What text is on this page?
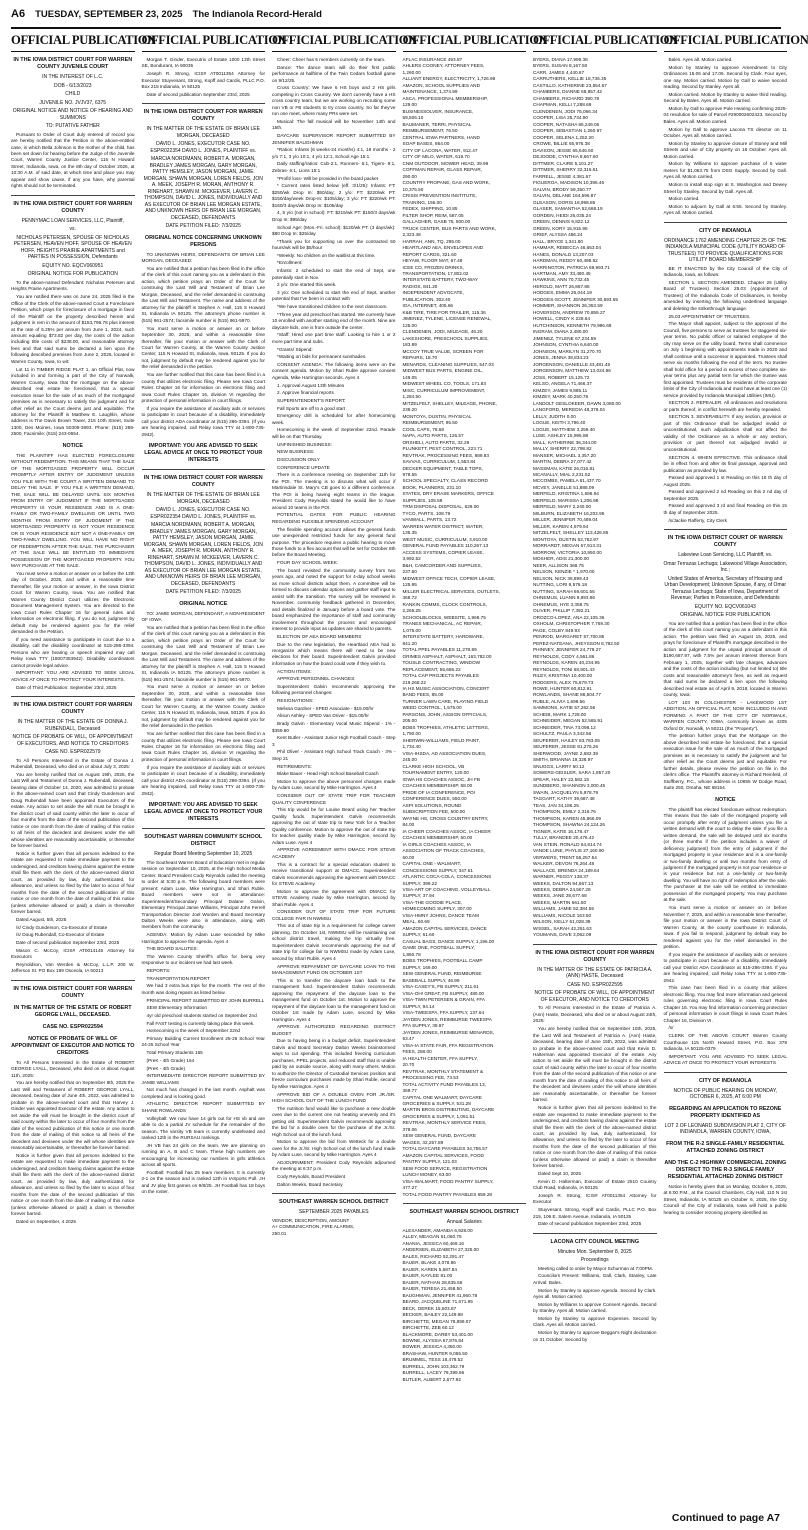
A6 TUESDAY, SEPTEMBER 23, 2025 The Indianola Record-Herald
OFFICIAL PUBLICATION
IN THE IOWA DISTRICT COURT FOR WARREN COUNTY JUVENILE COURT
IN THE INTEREST OF L.C.
DOB - 6/13/2023
CHILD
JUVENILE NO. JVJV37, 6375
ORIGINAL NOTICE AND NOTICE OF HEARING AND SUMMONS
TO: PUTATIVE FATHER
Pursuant to Order of Court duly entered of record you are hereby notified that the Petition in the above-entitled case, in which Bella Johnson is the mother of the child, has been set down for hearing before the Judge of the Juvenile Court, Warren County Justice Center, 115 N Howard Street, Indianola, Iowa, on the 8th day of October 2025, at 10:30 A.M. of said date, at which time and place you may appear and show cause, if any you have, why parental rights should not be terminated.
IN THE IOWA DISTRICT COURT FOR WARREN COUNTY
PENNYMAC LOAN SERVICES, LLC, Plaintiff,
vs.
NICHOLAS PETERSEN, SPOUSE OF NICHOLAS PETERSEN, HEAVEN HOFF, SPOUSE OF HEAVEN HOFF, HEIGHTS PRAIRIE APARTMENTS and PARTIES IN POSSESSION, Defendants
EQUITY NO. EQCV060951
ORIGINAL NOTICE FOR PUBLICATION
To the above-named Defendant: Nicholas Petersen and Heights Prairie Apartments.
You are notified there was on June 24, 2025 filed in the Office of the Clerk of the above-named Court a Foreclosure Petition, which prays for foreclosure of a mortgage in favor of the Plaintiff on the property described herein and judgment in rem in the amount of $153,796.78 plus interest at the rate of 5.25% per annum from June 1, 2024, such amount equaling $73.82 per day, the costs of the action including title costs of $238.00, and reasonable attorney fees and that said sums be declared a lien upon the following described premises from June 2, 2025, located in Warren County, Iowa, to wit:
Lot 11 in TIMBER RIDGE PLAT 1, an Official Plat, now included in and forming a part of the City of Norwalk, Warren County, Iowa that the mortgage on the above-described real estate be foreclosed, that a special execution issue for the sale of as much of the mortgaged premises as is necessary to satisfy the judgment and for other relief as the Court deems just and equitable. The attorney for the Plaintiff is Matthew E. Laughlin, whose address is The Davis Brown Tower, 215 10th Street, Suite 1300, Des Moines, Iowa 50309-3993. Phone: (515) 288-2500, Facsimile: (515) 243-0654.
NOTICE
THE PLAINTIFF HAS ELECTED FORECLOSURE WITHOUT REDEMPTION. THIS MEANS THAT THE SALE OF THE MORTGAGED PROPERTY WILL OCCUR PROMPTLY AFTER ENTRY OF JUDGMENT UNLESS YOU FILE WITH THE COURT A WRITTEN DEMAND TO DELAY THE SALE. IF YOU FILE A WRITTEN DEMAND, THE SALE WILL BE DELAYED UNTIL SIX MONTHS FROM ENTRY OF JUDGMENT IF THE MORTGAGED PROPERTY IS YOUR RESIDENCE AND IS A ONE-FAMILY OR TWO-FAMILY DWELLING OR UNTIL TWO MONTHS FROM ENTRY OF JUDGMENT IF THE MORTGAGED PROPERTY IS NOT YOUR RESIDENCE OR IS YOUR RESIDENCE BUT NOT A ONE-FAMILY OR TWO-FAMILY DWELLING. YOU WILL HAVE NO RIGHT OF REDEMPTION AFTER THE SALE. THE PURCHASER AT THE SALE WILL BE ENTITLED TO IMMEDIATE POSSESSION OF THE MORTGAGED PROPERTY. YOU MAY PURCHASE AT THE SALE.
You must serve a motion or answer on or before the 13th day of October, 2025, and within a reasonable time thereafter, file your motion or answer, in the Iowa District Court for Warren County, Iowa. You are notified that Warren County District Court utilizes the Electronic Document Management System. You are directed to the Iowa Court Rules Chapter 16 for general rules and information on electronic filing. If you do not, judgment by default may be rendered against you for the relief demanded in the Petition.
If you need assistance to participate in court due to a disability, call the disability coordinator at 515-286-3394. Persons who are hearing or speech impaired may call Relay Iowa TTY (18007353942). Disability coordinators cannot provide legal advice.
IMPORTANT: YOU ARE ADVISED TO SEEK LEGAL ADVICE AT ONCE TO PROTECT YOUR INTERESTS.
Date of Third Publication: September 23rd, 2025
IN THE IOWA DISTRICT COURT FOR WARREN COUNTY
IN THE MATTER OF THE ESTATE OF DONNA J. RUBENDALL, Deceased
NOTICE OF PROBATE OF WILL, OF APPOINTMENT OF EXECUTORS, AND NOTICE TO CREDITORS
CASE NO. ESPR022579
To All Persons Interested in the Estate of Donna J. Rubendall, Deceased, who died on or about July 3, 2025:
You are hereby notified that on August 19th, 2025, the Last Will and Testament of Donna J. Rubendall, deceased, bearing date of October 14, 2020, was admitted to probate in the above-named court and that Cindy Gunderson and Doug Rubendall have been appointed Executors of the estate. Any action to set aside the will must be brought in the district court of said county within the later to occur of four months from the date of the second publication of this notice or one month from the date of mailing of this notice to all heirs of the decedent and devisees under the will whose identities are reasonably ascertainable, or thereafter be forever barred.
Notice is further given that all persons indebted to the estate are requested to make immediate payment to the undersigned, and creditors having claims against the estate shall file them with the clerk of the above-named district court, as provided by law, duly authenticated, for allowance, and unless so filed by the later to occur of four months from the date of the second publication of this notice or one month from the date of mailing of this notice (unless otherwise allowed or paid) a claim is thereafter forever barred.
Dated August, 5th, 2025
/s/ Cindy Gunderson, Co-Executor of Estate
/s/ Doug Rubendall, Co-Executor of Estate
Date of second publication September 23rd, 2025
Mason C. McCoy, ICIS# AT0014145 Attorney for Executors
Reynoldson, Van Werden & McCoy, L.L.P. 200 W. Jefferson St. PO Box 199 Osceola, IA 50213
IN THE IOWA DISTRICT COURT FOR WARREN COUNTY
IN THE MATTER OF THE ESTATE OF ROBERT GEORGE LYALL, DECEASED.
CASE NO. ESPR022594
NOTICE OF PROBATE OF WILL OF APPOINTMENT OF EXECUTOR AND NOTICE TO CREDITORS
To All Persons Interested in the Estate of ROBERT GEORGE LYALL, Deceased, who died on or about August 11th, 2025:
You are hereby notified that on September 8th, 2025 the Last Will and Testament of ROBERT GEORGE LYALL, deceased, bearing date of June 4th, 2022, was admitted to probate in the above-named court and that Harvey J. Ginder was appointed Executor of the estate. Any action to set aside the will must be brought in the district court of said county within the later to occur of four months from the date of the second publication of this notice or one month from the date of mailing of this notice to all heirs of the decedent and devisees under the will whose identities are reasonably ascertainable, or thereafter be forever barred.
Notice is further given that all persons indebted to the estate are requested to make immediate payment to the undersigned, and creditors having claims against the estate shall file them with the clerk of the above-named district court, as provided by law, duly authenticated, for allowance, and unless so filed by the later to occur of four months from the date of the second publication of this notice or one month from the date of mailing of this notice (unless otherwise allowed or paid) a claim is thereafter forever barred.
Dated on September, 4 2025
OFFICIAL PUBLICATION
Morgan T. Ginder, Executrix of Estate 1000 13th Street SE, Bondurant, IA 50035
Joseph R. Strong, ICIS# AT0011354 Attorney for Executor Stuyvesant, Strong, Kopff and Cardis, PLLC P.O. Box 215 Indianola, IA 50125
Date of second publication September 23rd, 2025
IN THE IOWA DISTRICT COURT FOR WARREN COUNTY
IN THE MATTER OF THE ESTATE OF BRIAN LEE MORGAN, DECEASED
DAVID L. JONES, EXECUTOR CASE NO. ESPR022354 DAVID L. JONES, PLAINTIFF vs.
MARCIA NORDMANN, ROBERT A. MORGAN, BRADLEY JAMES MORGAN, GARY MORGAN, PATTY HEMSLEY, JASON MORGAN, JAMIE MORGAN, SHAWN MORGAN, LOREN FIELDS, JON A. MEEK, JOSEPH R. MORAN, ANTHONY R. RINEHART, SHAWN M. MCKEEVER, LAVERN C. THOMPSON, DAVID L. JONES, INDIVIDUALLY AND AS EXECUTOR OF BRIAN LEE MORGAN ESTATE, AND UNKNOWN HEIRS OF BRIAN LEE MORGAN, DECEASED, DEFENDANTS
DATE PETITION FILED: 7/3/2025
ORIGINAL NOTICE CONCERNING UNKNOWN PERSONS
TO UNKNOWN HEIRS, DEFENDANTS OF BRIAN LEE MORGAN, DECEASED:
You are notified that a petition has been filed in the office of the clerk of this court naming you as a defendant in this action, which petition prays an Order of the Court for construing the Last Will and Testament of Brian Lee Morgan, Deceased, and the relief demanded is construing the Last Will and Testament. The name and address of the attorney for the plaintiff is Stephen A. Hall, 115 S Howard St, Indianola IA 50125. The attorney's phone number is (515) 961-2574; facsimile number is (515) 961-5970.
You must serve a motion or answer on or before September 30, 2025, and within a reasonable time thereafter, file your motion or answer with the Clerk of Court for Warren County, at the Warren County Justice Center, 115 N Howard St, Indianola, Iowa, 50125. If you do not, judgment by default may be rendered against you for the relief demanded in the petition.
You are further notified that this case has been filed in a county that utilizes electronic filing. Please see Iowa Court Rules Chapter 16 for information on electronic filing and Iowa Court Rules Chapter 16, division VI regarding the protection of personal information in court filings.
If you require the assistance of auxiliary aids or services to participate in court because of a disability, immediately call your district ADA coordinator at (515) 286-3394. (If you are hearing impaired, call Relay Iowa TTY at 1-800-735-2942).
IMPORTANT: YOU ARE ADVISED TO SEEK LEGAL ADVICE AT ONCE TO PROTECT YOUR INTERESTS
IN THE IOWA DISTRICT COURT FOR WARREN COUNTY
IN THE MATTER OF THE ESTATE OF BRIAN LEE MORGAN, DECEASED
DAVID L. JONES, EXECUTOR CASE NO. ESPR022354 DAVID L. JONES, PLAINTIFF vs.
MARCIA NORDMANN, ROBERT A. MORGAN, BRADLEY JAMES MORGAN, GARY MORGAN, PATTY HEMSLEY, JASON MORGAN, JAMIE MORGAN, SHAWN MORGAN, LOREN FIELDS, JON A. MEEK, JOSEPH R. MORAN, ANTHONY R. RINEHART, SHAWN M. MCKEEVER, LAVERN C. THOMPSON, DAVID L. JONES, INDIVIDUALLY AND AS EXECUTOR OF BRIAN LEE MORGAN ESTATE, AND UNKNOWN HEIRS OF BRIAN LEE MORGAN, DECEASED, DEFENDANTS
DATE PETITION FILED: 7/3/2025
ORIGINAL NOTICE
TO: JAMIE MORGAN, DEFENDANT, A NON-RESIDENT OF IOWA
You are notified that a petition has been filed in the office of the clerk of this court naming you as a defendant in this action, which petition prays an Order of the Court for construing the Last Will and Testament of Brian Lee Morgan, Deceased, and the relief demanded is construing the Last Will and Testament. The name and address of the attorney for the plaintiff is Stephen A. Hall, 115 S Howard St, Indianola IA 50125. The attorney's phone number is (515) 961-2574; facsimile number is (515) 961-5970.
You must serve a motion or answer on or before September 30, 2025, and within a reasonable time thereafter, file your motion or answer with the Clerk of Court for Warren County, at the Warren County Justice Center, 115 N Howard St, Indianola, Iowa, 50125. If you do not, judgment by default may be rendered against you for the relief demanded in the petition.
You are further notified that this case has been filed in a county that utilizes electronic filing. Please see Iowa Court Rules Chapter 16 for information on electronic filing and Iowa Court Rules Chapter 16, division VI regarding the protection of personal information in court filings.
If you require the assistance of auxiliary aids or services to participate in court because of a disability, immediately call your district ADA coordinator at (515) 286-3394. (If you are hearing impaired, call Relay Iowa TTY at 1-800-735-2942).
IMPORTANT: YOU ARE ADVISED TO SEEK LEGAL ADVICE AT ONCE TO PROTECT YOUR INTERESTS
SOUTHEAST WARREN COMMUNITY SCHOOL DISTRICT
Regular Board Meeting September 10, 2025
The Southeast Warren Board of Education met in regular session on September 10, 2025, at the High School Media Center. Board President Cody Reynolds called the meeting to order at 5:30 p.m. The following board members were present: Adam Luse, Mike Harrington, and Shari Ruble. Board members were not in attendance: Superintendent/Secondary Principal Dalane Galvin, Elementary Principal Jamie Williams, Principal John Ferrell Transportation Director Joel Worden and Board Secretary Dalton Weeks were also in attendance, along with members from the community.
AGENDA: Motion by Adam Luse seconded by Mike Harrington to approve the agenda. Ayes 4
THE BOARD SALUTES:
The Warren County Sheriff's office for being very responsive to our incident we had last week.
REPORTS:
TRANSPORTATION REPORT
We had 3 extra bus trips for the month. The rest of the month was doing repairs as listed below.
PRINCIPAL REPORT SUBMITTED BY JOHN BURRELL
SEW Elementary Information
4yr old preschool students started on September 2nd
Fall FAST testing is currently taking place this week.
Homecoming is the week of September 22nd
Primary Building Current Enrollment 25-26 School Year 24-25 School Year
Total Primary Students 165
(PreK - 4th Grade) 164
(PreK - 4th Grade)
INTERMEDIATE DIRECTOR REPORT SUBMITTED BY JAMIE WILLIAMS
Not much has changed in the last month. Asphalt was completed and is looking good.
ATHLETIC DIRECTOR REPORT SUBMITTED BY SHANE ROWLANDS
Volleyball: We now have 14 girls out for HS vb and are able to do a partial JV schedule for the remainder of the season. The varsity VB team is currently undefeated and ranked 12th in the RURSAU rankings.
JH VB has 24 girls on the team. We are planning on running an A, B and C team. These high numbers are encouraging for increasing our numbers in girls athletics across all sports.
Football: Football has 25 team members. It is currently 2-1 on the season and is ranked 12th in IASports Poll. JH and JV play first games on 9/8/25. JH Football has 18 boys on the roster.
OFFICIAL PUBLICATION
Cheer: Cheer has 5 members currently on the team.
Dance: The dance team will do their first public performance at halftime of the Twin Cedars football game on 9/12/25.
Cross Country: We have 6 HS boys and 2 HS girls competing in Cross Country. We don't currently have a HS cross country team, but we are working on recruiting some non VB or FB students to try cross country. So far they've run one meet, where many PRs were set.
Musical: The fall musical will be November 14th and 15th.
DAYCARE SUPERVISOR REPORT SUBMITTED BY JENNIFER BAUGHMAN
*Ratios: Infants (6 weeks-24 months) 4:1, 18 months - 2 y/o 7:1, 3 y/o 10:1, 4 y/o 12:1, School Age 15:1
Daily staffing/ratios: Cub-2:1, Runners- 6:1, Tigers- 9:1, Zebras- 6:1, Lions 15:1
*Profit/ loss- Will be provided in the board packet
* Current rates listed below (eff. 3/1/25): Infants: FT: $250/wk Drop In: $50/day; 2 y/o: FT: $220/wk PT: $150/day/week Drop-In: $105/day; 3 y/o: FT: $220/wk PT: $160/3 days/wk Drop In: $105/day
4, 5 y/o (not in school): FT: $215/wk PT: $150/3 days/wk Drop In: $95/day
School Age: (Mon.-Fri. school): $120/wk PT: (3 days/wk): $80 Drop In: $25/day
*Thank you for supporting us over the contracted 50 hours/wk will be $5/hour
*Weekly: No children on the waitlist at this time.
*Enrollment:
Infants: 2 scheduled to start the end of Sept, one potentially start in Nov.
2 y/o: One started this week.
3 y/o: One scheduled to start the end of Sept, another potential that I've been in contact with
*We have transitioned children to the next classroom.
*Three year old preschool has started. We currently have 10 enrolled with another starting end of the month. Nine are daycare kids, one is from outside the center.
*Staff: Hired one part time staff. Looking to hire 1 or 2 more part time and subs.
*Grants/ Stipend:
*Waiting on bids for permanent sunshades.
CONSENT AGENDA: The following items were on the consent agenda. Motion by Shari Ruble approve consent Agenda, Mike Harrington seconds. Ayes 4
1. Approval August 13th Minutes
2. Approve financial reports
SUPERINTENDENT'S REPORT:
Fall Sports are off to a good start
Emergency drill is scheduled for after homecoming week.
Homecoming is the week of September 22nd. Parade will be on that Thursday.
UNFINISHED BUSINESS:
NEW BUSINESS:
DISCUSSION ONLY
CONFERENCE UPDATE
There is a conference meeting on September 11th for the POI. The meeting is to discuss what will occur if Martinsdale St. Mary's CB goes to a different conference. The POI is being having eight teams in the league. President Cody Reynolds stated he would like to have around 10 teams in the POI.
POTENTIAL DATES FOR PUBLIC HEARING REGARDING FLEXIBLE SPENDING ACCOUNT
The flexible spending account allows the general funds use unexpended restricted funds for any general fund purpose. The procedure requires a public hearing to move those funds to a flex account that will be set for October 8th before the Board Meeting.
FOUR DAY SCHOOL WEEK:
The board revisited the community survey from two years ago, and noted the support for 4-day school weeks as more school districts adopt them. A committee will be formed to discuss calendar options and gather staff input to assist with the transition. The survey will be reviewed in November, community feedback gathered in December, and details finalized in January before a board vote. The board emphasized the importance of staff and community involvement throughout the process and encouraged interest to provide input as updates are shared to parents.
ELECTION OF AEA BOARD MEMBERS
Due to the new legislation, the Heartland AEA had to reorganize which means there will need to be new elections for their board. Superintendent Galvin provided information on how the board could vote if they wish to.
ACTION ITEMS:
APPROVE PERSONNEL CHANGES:
Superintendent Galvin recommends approving the following personnel changes:
RESIGNATIONS:
Melissa Gardner - SPED Associate - $15.00/hr
Alison Ashley - SPED Van Driver - $15.00/hr
Brady Galvin - Elementary Vocal Music Stipend - 1% - $359.80
Kent Butler - Assistant Junior High Football Coach - Step 3
Phil Oliver - Assistant High School Track Coach - 3% - Step 21
RETIREMENTS:
Blake Bauer - Head High School Baseball Coach
Motion to approve the above personnel changes made by Adam Luse, second by Mike Harrington. Ayes 4
CONSIDER OUT OF STATE TRIP FOR TEACHER QUALITY CONFERENCE
This trip would be for Louise Beard using her Teacher Quality funds. Superintendent Galvin recommends approving the out of state trip to New York for a Teacher Quality conference. Motion to approve the out of state trip for teacher quality made by Mike Harrington, second by Adam Luse. Ayes 4
APPROVE AGREEMENT WITH DMACC FOR STEVE ACADEMY
This is a contract for a special education student to receive transitional support at DMACC. Superintendent Galvin recommends approving the agreement with DMACC for STEVE Academy.
Motion to approve the agreement with DMACC for STEVE Academy made by Mike Harrington, second by Shari Ruble. Ayes 4
CONSIDER OUT OF STATE TRIP FOR FUTURE COLLEGE FAIR IN NWMSU
This out of state trip is a requirement for college career planning. On October 1st, NWMSU will be maintaining out school district travel, making the trip virtually free. Superintendent Galvin recommends approving the out of state trip for college fair to NWMSU made by Adam Luse, second by Shari Ruble. Ayes 4
APPROVE REPAYMENT OF DAYCARE LOAN TO THE MANAGEMENT FUND ON OCTOBER 1ST
This is to transfer the daycare loan back to the management fund. Superintendent Galvin recommends approving the repayment of the daycare loan to the management fund on October 1st. Motion to approve the repayment of the daycare loan to the management fund on October 1st made by Adam Luse, second by Mike Harrington. Ayes 4
APPROVE AUTHORIZED REGARDING DISTRICT BUDGET
Due to having being in a budget deficit, Superintendent Galvin and Board Secretary Dalton Weeks brainstormed ways to cut spending. This included freezing curriculum purchases, PPEL projects, and reduced staff that is unable paid by an outside source, along with many others. Motion to authorize the Director of Custodial Services position and freeze curriculum purchases made by Shari Ruble, second by Mike Harrington. Ayes 4
APPROVE BID OF A DOUBLE OVEN FOR JR./SR. HIGH SCHOOL OUT OF THE LUNCH FUND
The nutrition fund would like to purchase a new double oven due to the current one not heating unevenly and it's getting old. Superintendent Galvin recommends approving the bid for a double oven for the purchase of the Jr./Sr. High School out of the lunch fund.
Motion to approve the bid from Wetteck for a double oven for the Jr./Sr. High School out of the lunch fund made by Adam Luse, second by Mike Harrington. Ayes 4
ADJOURNMENT: President Cody Reynolds adjourned the meeting at 6:37 p.m.
Cody Reynolds, Board President
Dalton Weeks, Board Secretary
SOUTHEAST WARREN SCHOOL DISTRICT
SEPTEMBER 2025 PAYABLES
VENDOR, DESCRIPTION, AMOUNT
A+ COMMUNICATION, FIRE ALARMS,
250.01
OFFICIAL PUBLICATION
AFLAC INSURANCE 493.87
AHLERS COONEY, ATTORNEY FEES,
1,260.00
ALLIANT ENERGY, ELECTRICITY, 1,726.98
AMAZON, SCHOOL SUPPLIES AND
MAINTENANCE, 1,374.99
ASCA, PROFESSIONAL MEMBERSHIP,
129.00
BUSINESSOLVER, INSURANCE,
59,506.10
BAUMANER, TERRI, PHYSICAL
REIMBURSEMENT, 76.50
CENTRAL IOWA PARTNERS, HAND
SOAP BASES, 864.00
CITY OF LACONA, WATER, 912.47
CITY OF MILO, WATER, 619.70
CNM OUTDOOR, MOWER HEAD, 39.99
COFFMAN REPAIR, GLASS REPAIR,
290.00
COUNTRY PROPANE, GAS AND WORK,
10,375.50
CRISIS PREVENTION INSTITUTE,
TRAINING, 156.00
FEDEX, SHIPPING, 10.85
FILTER SHOP, REIM, 587.05
GALLAGHER, GASB 75, 500.00
TRUCK CENTER, BUS PARTS AND WORK,
2,323.48
HARRAH, ANN, TQ, 295.00
HEARTLAND AEA, ENVELOPES AND
REPORT CARDS, 321.60
HEYAW, FLOOR MAT, 67.48
ICEE CO, FROZEN DRINKS,
TRANSPORTATION, 17,802.02
INTERSTATE BATTERY, TWO-WAY
RADIOS, 841.20
INDEPENDENT ADVOCATE,
PUBLICATION, 302.40
IOA, INTERNET, 405.66
K&B TIRE, TIRE FOR TRAILER, 115.36
JIMENEZ, TYLENE, LICENSE RENEWAL,
125.00
CLENDENEN, JODI, MILEAGE, 46.20
LAKESHORE, PRESCHOOL SUPPLIES,
183.89
MCCOY TRUE VALUE, SCREEN FOR
REPAIRS, 18.70
MENARDS, CLEANING SUPPLIES, 547.03
MIDWEST BUS PARTS, ENGINE OIL,
149.05
MIDWEST WHEEL CO, TOOLS, 171.83
MISC, CURRICULUM IMPROVEMENT,
1,284.50
MITZELFELT, SHELLEY, MILEAGE, PHONE,
239.20
MONTOYA, DUSTIN, PHYSICAL
REIMBURSEMENT, 95.50
COOL CAPS, 78.68
NAPA, AUTO PARTS, 126.57
ORSHELI, AUTO PARTS, 32.29
PLUNKETT, PEST CONTROL, 223.71
REVTRAK, PROCESSING FEES, 889.83
SAVVAS, CURRICULUM, 1,553.84
DECKER EQUIPMENT, TABLE TOPS,
978.55
SCHOOL SPECIALTY, CLASS RECORD
BOOK, PLANNERS, 231.10
STATES, DRY ERASE MARKERS, OFFICE
SUPPLIES, 105.58
TRM DISPOSAL DISPOSAL, 629.00
TYCO, PARTS, 108.79
VANWALL, PARTS, 13.72
WARREN WATER DISTRICT, WATER,
135.35
WEST MUSIC, CURRICULUM, 3,910.00
GENERAL FUND PAYABLES 110,267.13
ACCESS SYSTEMS, COPIER LEASE,
3,992.52
B&H, CAMCORDER AND SUPPLIES,
237.50
MIDWEST OFFICE TECH, COPIER LEASE,
125.95
MILLER ELECTRICAL SERVICES, OUTLETS,
368.72
RANKIN COMMS, CLOCK CONTROLS,
2,265.25
SCHOOLBLOCKS, WEBSITE, 1,968.75
TRANES MECHANICAL, AC REPAIR,
1,075.00
INTERSTATE BATTERY, HARDWARE,
841.20
TOTAL PPEL PAYABLES 11,278.89
GRIMES ASPHALT, ASPHALT, 163,782.00
TOUSLE CONTRACTING, WINDOW
REPLACEMENT, 55,686.22
TOTAL CAP PROJECTS PAYABLES
219,268.22
IA HS MUSIC ASSOCIATION, CONCERT
BAND FEES, 85.00
TURNER LAWN CARE, PLAYING FIELD
WEED CONTROL, 1,575.00
PARSONS, JOHN, ASSIGN OFFICIALS,
205.00
BOBS TROPHIES, ATHLETIC LETTERS,
1,790.00
SHERWIN-WILLIAMS, FIELD PAINT,
1,734.40
VISA-IHSDA, AD ASSOCIATION DUES,
245.00
CLARKE HIGH SCHOOL, VB
TOURNAMENT ENTRY, 120.00
IOWA HS COACHES ASSOC, JH FB
COACHES MEMBERSHIP, 58.00
PRIDE OF IA CONFERENCE, POI
CONFERENCE DUES, 550.00
ASPI SOLUTIONS, ROUND
SUBSCRIPTION FEE, 500.00
WAYNE HS, CROSS COUNTRY ENTRY,
84.00
IA CHEER COACHES ASSOC, IA CHEER
COACHES MEMBERSHIP, 50.00
IA GIRLS COACHES ASSOC, IA
ASSOCIATION OF TRACK COACHES,
60.00
CAPITAL ONE - WALMART,
CONCESSIONS SUPPLY, 347.61
ATLANTIC COCA-COLA, CONCESSIONS
SUPPLY, 399.22
VISA-ART OF COACHING, VOLLEYBALL
SUPPLY, 37.94
VISA-THE GOODIE PLACE,
HOMECOMING SUPPLY, 307.00
VISA-HMNY JOHNS, DANCE TEAM
MEAL, 60.69
AMAZON CAPITAL SERVICES, DANCE
SUPPLY, 61.60
CASUAL BAGS, DANCE SUPPLY, 1,196.00
GAME ONE, FOOTBALL SUPPLY,
1,860.78
BOBS TROPHIES, FOOTBALL CAMP
SUPPLY, 169.00
SEW GENERAL FUND, REIMBURSE
BASEBALL SUPPLY, 46.99
VISA-CASEY'S, FB SUPPLY, 211.61
VISA-OH! GREAT, FB SUPPLY, 480.00
VISA-TWIN PETERSEN & GRAIN, FFA
SUPPLY, 94.14
VISA-TWEESPA, FFA SUPPLY, 137.64
JAYDEN JONES, REIMBURSE TWEESPA
FFA SUPPLY, 39.97
JAYDEN JONES, REIMBURSE MENARDS,
53.47
VISA-IA STATE FAIR, FFA REGISTRATION
FEES, 258.00
IA HEALTH CENTER, FFA SUPPLY,
20.70
REVTRAK, MONTHLY STATEMENT &
PROCESSING FEE, 73.53
TOTAL ACTIVITY FUND PAYABLES 13,
369.77
CAPITAL ONE WALMART, DAYCARE
GROCERIES & SUPPLY, 531.28
MARTIN BROS DISTRIBUTING, DAYCARE
GROCERIES & SUPPLY, 1,061.51
REVTRAK, MONTHLY SERVICE FEES,
378.06
SEW GENERAL FUND, DAYCARE
WAGES, 32,257.89
TOTAL DAYCARE PAYABLES 34,755.57
AMAZON CAPITAL SERVICES, FOOD
PANTRY SUPPLY, 121.03
SEW FOOD SERVICE, REGISTRATION
LUNCH MONEY, 63.00
VISA-WALMART, FOOD PANTRY SUPPLY,
477.27
TOTAL FOOD PANTRY PAYABLES 659.28
SOUTHEAST WARREN SCHOOL DISTRICT
Annual Salaries
ALEXANDER, AMANDA 6,928.00
ALLEY, MEAGAN 61,060.75
ANANIA, JESSICA 60,469.16
ANDERSEN, ELIZABETH 27,325.00
BALES, RICHARD 52,291.47
BAUER, BLAKE 4,078.86
BAUER, KAREN 5,687.84
BAUER, KAYLEE 81.00
BAUER, NATHAN 28,635.56
BAUER, TERESA 21,458.50
BAUGHMAN, JENNIFER 41,960.78
BEARD, JACQUELINE 71,671.95
BECK, DEREK 15,503.87
BECKER, BAILEY 22,149.98
BIRCHETTE, MEGAN 78,899.07
BIRCHETTE, ZEB 60.12
BLACKMORE, DARBY 53,401.00
BOWNE, ALYSSIA 67,876.84
BOWER, JESSICA 4,360.00
BRASHAW, HUNTER 9,065.50
BRUMMEL, TESS 18,478.52
BURRELL, JOHN 103,362.79
BURRELL, LACEY 79,399.56
BUTLER, ALBERT 2,677.92
OFFICIAL PUBLICATION
BYERS, DIANA 17,999.38
BYERS, SUSAN 8,167.50
CARR, JAMES 4,440.67
CARRUTHERS, KELLIE 18,736.35
CASTILLO, KATHERINE 23,554.67
CHAMBERS, DIANNE 68,857.42
CHAMBERS, RICHARD 390.78
CHAPMAN, KELLI 7,288.69
CLENDENEN, JODI 75,066.34
COOPER, LISA 25,734.90
COOPER, NATASHA 95,249.06
COOPER, SEBASTIAN 1,260.97
COOPER, SELENA 1,252.20
CROWE, BILLIE 65,976.38
DAVISON, JESSE 65,646.60
DEJOODE, CYNTHIA 8,667.60
DITTMER, CLAIRE 5,101.27
DITTMER, SHERRY 32,316.61
FARRELL, JESSE 4,381.67
FIGUEROA, MADISON 10,396.46
GALVIN, BRODY 59,350.77
GALVIN, DELANE 164,596.87
GLEASON, DORIS 18,998.85
GLASER, SAMANTHA 52,668.19
GORDEN, HEIDI 26,035.24
GREEN, DENNIS 9,822.12
GREEN, KORY 15,915.96
GRIEF, ALYSSA 456.24
HALL, BRYCE 1,341.80
HAMMAR, REBECCA 46,653.04
HANES, DONALD 13,207.03
HARDMAN, REDDY 60,498.62
HARRINGTON, PATRICIA 69,993.71
HARTMAN, AMY 33,480.45
HAWKINS, ANN 70,732.45
HEROLD, MATT 26,867.86
HODGES, EMMA 26,044.19
HODGES-SCOTT, JENNIFER 30,693.65
HOMMER, SHANNON 26,353.59
HOVERSON, ANDREW 70,859.27
HOWELL, CINDY K 228.64
HUTCHINSON, KENNETH 79,996.69
INGRAM, DIANA 2,480.00
JIMENEZ, TYLENE 67,234.59
JOHNSON, CYNTHIA 6,640.00
JOHNSON, MARILYN 31,270.70
JONES, JENNA 38,834.23
JORGENSON, DANIELLE 43,481.45
JORGENSON, MATTHEW 13,024.96
JOSS, ROBERT 15,125.72
KELSO, ANGELA 71,466.37
KIMZEY, JAMES 9,885.11
KIMZEY, MARK 40,250.78
LANDOLT GESLOKEER, DAWN 3,080.00
LANGFORD, MEREDIA 48,378.04
LELLY, JUDITH 0.00
LOGUE, KEITH 3,796.40
LOGUE, MATTHEW 3,259.40
LUSE, ASHLEY 15,995.88
MALL, KATHERINE 36,344.00
MALLY, SHERRY 22,798.82
MANSER, MICHAEL 3,357.20
MARTIN, DEBRA 27,077.42
MASSMAN, KATIE 26,016.81
MCANALLY, MIAL 2,231.52
MCCOMBS, PAMELA 81,437.70
MCVEY, JANELLE 51,888.09
MERFELD, KRISTINA 1,696.94
MERFELD, MARISSA 1,206.98
MERFELD, MARY 2,240.00
MILBURN, ELIZABETH 16,202.95
MILLER, JENNIFER 70,489.04
MILLER, KAREN 4,979.94
MITZELFELT, SHELLEY 113,426.85
MONTOYA, DUSTIN 62,762.97
MORRARDT, MEGAN 67,913.31
MORROW, VICTORIA 10,950.00
MOSHER, ADIS 21,300.00
NEER, ALLISON 368.75
NELSON, KENZIE * 1,970.00
NELSON, NICK 36,899.43
NUTTING, LORI 9,576.18
NUTTING, SARAH 69,601.55
OHNEMUS, LUANN 9,893.96
OHNEMUS, HYE 3,358.75
OLIVER, PHILLIP 7,392.21
OROZCO-LOPEZ, ANA 22,105.36
OXHOLM, CHRISTOPHER 7,769.30
PAGE, COLBY 849.93
PENROD, MARGARET 57,700.85
PEREZ-NATEANA, JHEYSSON 8,782.50
PHINNEY, JENNIFER 24,779.27
REYNOLDS, CODY 4,561.86
REYNOLDS, KAREN 40,234.95
REYNOLDS, TONI 68,901.43
RILEY, KRISTINA 10,400.00
RODGERS, ALEX 75,679.73
ROWE, HUNTER 60,812.91
ROWLANDS, SHANE 88,504.77
RUBLE, ALIVIA 1,698.56
SAMMONS, KATIE 57,262.56
SCHEIB, MARK 1,728.00
SCHNEIDER, MEGAN 52,565.91
SCHNEIDER, TINA 73,098.12
SCHULTZ, PAULA 3,342.56
SEUFERER, HAILEY 83,783.05
SEUFERER, JESSE 81,275.26
SHERWOOD, JAYNE 2,682.39
SMITH, BRIANNA 19,328.97
SNUGGS, LARRY 60.12
SOWERS-GEISLER, SARA 1,857.20
SPEAR, HALEY 22,582.15
SUNDBERG, SHANNON 3,000.45
SWAIN, JACQUELYN 5,978.79
TAGGART, KATHY 39,687.48
TEAS, JAN 34,186.25
THOMPSON, EMILY 2,316.76
THOMPSON, KAREN 45,866.09
THOMPSON, SHAWNA 24,124.26
TIGNER, KATIE 16,178.47
TULLY, BRANDEE 20,476.42
VAN STEIN, RONALD 64,814.74
VANDE LUNE, PHYLIS 27,160.90
VERWERS, TRENT 55,257.54
WALKER, DEVON 76,264.48
WALLACE, BRENDA 24,189.64
WARNER, PEGGY 138.37
WEEKS, DALTON 94,667.13
WEEKS, DEBRA 24,567.28
WEEKS, JANE 28,677.68
WEEKS, MARTIN 661.50
WILLIAMS, JAMIE 52,384.55
WILLIAMS, NICOLE 163.50
WILSON, KELLY 61,028.39
WISSEL, SARAH 42,251.63
YOUMANS, DAVE 3,062.09
IN THE IOWA DISTRICT COURT FOR WARREN COUNTY
IN THE MATTER OF THE ESTATE OF PATRICIA A. (ANN) HASTE, Deceased
CASE NO. ESPR022595
NOTICE OF PROBATE OF WILL, OF APPOINTMENT OF EXECUTOR, AND NOTICE TO CREDITORS
To All Persons Interested in the Estate of Patricia A. (Ann) Haste, Deceased, who died on or about August 24th, 2025:
You are hereby notified that on September 10th, 2025, the Last Will and Testament of Patricia A. (Ann) Haste, deceased, bearing date of June 15th, 2022, was admitted to probate in the above-named court and that Kevin D. Halterman was appointed Executor of the estate. Any action to set aside the will must be brought in the district court of said county within the later to occur of four months from the date of the second publication of this notice or one month from the date of mailing of this notice to all heirs of the decedent and devisees under the will whose identities are reasonably ascertainable, or thereafter be forever barred.
Notice is further given that all persons indebted to the estate are requested to make immediate payment to the undersigned, and creditors having claims against the estate shall file them with the clerk of the above-named district court, as provided by law, duly authenticated, for allowance, and unless so filed by the later to occur of four months from the date of the second publication of this notice or one month from the date of mailing of this notice (unless otherwise allowed or paid) a claim is thereafter forever barred.
Dated Sept 10, 2025
Kevin D. Halterman, Executor of Estate 2510 Country Club Road, Indianola, IA 50125
Joseph R. Strong, ICIS# AT0011354 Attorney for Executor
Stuyvesant, Strong, Kopff and Cardis, PLLC P.O. Box 215, 106 E. Salem Avenue, Indianola, IA 50125
Date of second publication September 23rd, 2025
LACONA CITY COUNCIL MEETING
Minutes Mon. September 8, 2025
Proceedings
Meeting called to order by Mayor Schurman at 7:00PM.
Councilors Present: Williams, Gall, Clark, Stanley, Late Arrival: Bales.
Motion by Stanley to approve Agenda. Second by Clark. Ayes all. Motion carried.
Motion by Williams to approve Consent Agenda. Second by Stanley. Ayes all. Motion carried.
Motion by Stanley to approve Expenses. Second by Clark. Ayes all. Motion carried.
Motion by Stanley to approve Beggar's Night declaration on 31 October. Second by
OFFICIAL PUBLICATION
Bales. Ayes all. Motion carried.
Motion by Stanley to approve Amendment to City Ordinances 15.06 and 17.06. Second by Clark. Four ayes, one nay. Motion carried. Motion by Gall to waive second reading. Second by Stanley. Ayes all.
Motion carried. Motion by Stanley to waive third reading. Second by Bales. Ayes all. Motion carried.
Motion by Gall to approve Pole Hearing confirming 2025-04 resolution for sale of Parcel #290002602423. Second by Bales. Ayes all. Motion carried.
Motion by Gall to approve Lacona TS director on 11 October. Ayes all. Motion carried.
Motion by Stanley to approve closure of Stoney and Mill Streets and use of City property on 18 October. Ayes all. Motion carried.
Motion by Williams to approve purchase of 5 water meters for $1,063.75 from DSG Supply. Second by Gall. Ayes all. Motion carried.
Motion to install stop sign at S. Washington and Dewey Street by Stanley. Second by Gall. Ayes all.
Motion carried.
Motion to adjourn by Gall at 6:55. Second by Stanley. Ayes all. Motion carried.
CITY OF INDIANOLA
ORDINANCE 1762 AMENDING CHAPTER 25 OF THE INDIANOLA MUNICIPAL CODE (UTILITY BOARD OF TRUSTEES) TO PROVIDE QUALIFICATIONS FOR UTILITY BOARD MEMBERSHIP
BE IT ENACTED by the City Council of the City of Indianola, Iowa, as follows:
SECTION 1. SECTION AMENDED. Chapter 25 (Utility Board of Trustees) Section 25.03 (Appointment of Trustees) of the Indianola Code of Ordinances, is hereby amended by inserting the following underlined language and deleting the strikethrough language.
25.03 APPOINTMENT OF TRUSTEES.
The Mayor shall appoint, subject to the approval of the Council, five persons to serve as trustees for staggered six-year terms. No public officer or salaried employee of the city may serve on the utility board. Terms shall commence on July 1 beginning with appointments made in 2020 and shall continue until a successor is appointed. Trustees shall serve six months following the end of the term. No trustee shall hold office for a period in excess of two complete six-year terms plus any partial term for which the trustee was first appointed. Trustees must be residents of the corporate limits of the City of Indianola and must have at least one (1) service provided by Indianola Municipal Utilities (IMU).
SECTION 2. REPEALER. All ordinances and resolutions or parts thereof, in conflict herewith are hereby repealed.
SECTION 3. SEVERABILITY. If any section, provision or part of this Ordinance shall be adjudged invalid or unconstitutional, such adjudication shall not affect the validity of the Ordinance as a whole or any section, provision or part thereof not adjudged invalid or unconstitutional.
SECTION 4. WHEN EFFECTIVE. This ordinance shall be in effect from and after its final passage, approval and publication as provided by law.
Passed and approved 1 st Reading on this 18 th day of August 2025.
Passed and approved 2 nd Reading on this 2 nd day of September 2025.
Passed and approved 3 rd and final Reading on this 15 th day of September 2025.
/s/Jackie Rafferty, City Clerk
IN THE IOWA DISTRICT COURT OF WARREN COUNTY
Lakeview Loan Servicing, LLC Plaintiff, vs.
Omar Terrazas Lechuga; Lakewood Village Association, Inc.;
United States of America, Secretary of Housing and Urban Development; Unknown Spouse, if any, of Omar Terrazas Lechuga; State of Iowa, Department of Revenue; Parties in Possession, and Defendants
EQUITY NO. EQCV061043
ORIGINAL NOTICE FOR PUBLICATION
You are notified that a petition has been filed in the office of the clerk of this court naming you as a defendant in this action. The petition was filed on August 15, 2025, and prays for foreclosure of Plaintiff's mortgage described in the action and judgment for the unpaid principal amount of $190,687.97, with 7.5% per annum interest thereon from February 1, 2025, together with late charges, advances and the costs of the action including (but not limited to) title costs and reasonable attorney's fees, as well as request that said sums be declared a lien upon the following described real estate as of April 9, 2018, located in Warren county, Iowa:
LOT 103 IN COLCHESTER - LAKEWOOD 1ST ADDITION, AN OFFICIAL PLAT, NOW INCLUDED IN AND FORMING A PART OF THE CITY OF NORWALK, WARREN COUNTY, IOWA, commonly known as 4205 Oxford Dr, Norwalk, IA 50211 (the "Property").
The petition further prays that the Mortgage on the above described real estate be foreclosed, that a special execution issue for the sale of as much of the mortgaged premises as is necessary to satisfy the judgment and for other relief as the Court deems just and equitable. For further details, please review the petition on file in the clerk's office. The Plaintiff's attorney is Richard Reinfeld, of Stuffberry, P.C., whose address is 10855 W Dodge Road, Suite 250, Omaha, NE 68154.
NOTICE
The plaintiff has elected foreclosure without redemption. This means that the sale of the mortgaged property will occur promptly after entry of judgment unless you file a written demand with the court to delay the sale. If you file a written demand, the sale will be delayed until six months (or three months if the petition includes a waiver of deficiency judgment) from the entry of judgment if the mortgaged property is your residence and is a one-family or two-family dwelling or until two months from entry of judgment if the mortgaged property is not your residence or is your residence but not a one-family or two-family dwelling. You will have no right of redemption after the sale. The purchaser at the sale will be entitled to immediate possession of the mortgaged property. You may purchase at the sale.
You must serve a motion or answer on or before November 7, 2025, and within a reasonable time thereafter, file your motion or answer in the Iowa District Court of Warren County, at the county courthouse in Indianola, Iowa. If you fail to respond, judgment by default may be rendered against you for the relief demanded in the petition.
If you require the assistance of auxiliary aids or services to participate in court because of a disability, immediately call your District ADA Coordinator at 515-286-3394. If you are hearing impaired, call Relay Iowa TTY at 1-800-735-2942.
This case has been filed in a county that utilizes electronic filing. You may find more information and general rules governing electronic filing in Iowa Court Rules Chapter 16. You may find information concerning protection of personal information in court filings in Iowa Court Rules Chapter 16, Division VI.
/s/
CLERK OF THE ABOVE COURT Warren County Courthouse 115 North Howard Street, P.O. Box 379 Indianola, IA 50125-0379
IMPORTANT: YOU ARE ADVISED TO SEEK LEGAL ADVICE AT ONCE TO PROTECT YOUR INTERESTS
CITY OF INDIANOLA
NOTICE OF PUBLIC HEARING ON MONDAY, OCTOBER 6, 2025, AT 6:00 PM
REGARDING AN APPLICATION TO REZONE PROPERTY IDENTIFIED AS
LOT 2 OF LEONARD SUBDIVISION PLAT 2, CITY OF INDIANOLA, WARREN COUNTY, IOWA,
FROM THE R-2 SINGLE-FAMILY RESIDENTIAL ATTACHED ZONING DISTRICT
AND THE C-2 HIGHWAY COMMERCIAL ZONING DISTRICT TO THE R-3 SINGLE FAMILY RESIDENTIAL ATTACHED ZONING DISTRICT
Notice is hereby given that on Monday, October 6, 2025, at 6:00 P.M., at the Council Chambers, City Hall, 110 N 1st Street, Indianola, IA 50125 on October 6, 2025, the City Council of the City of Indianola, Iowa will hold a public hearing to consider rezoning property identified as
Continued to page A7
